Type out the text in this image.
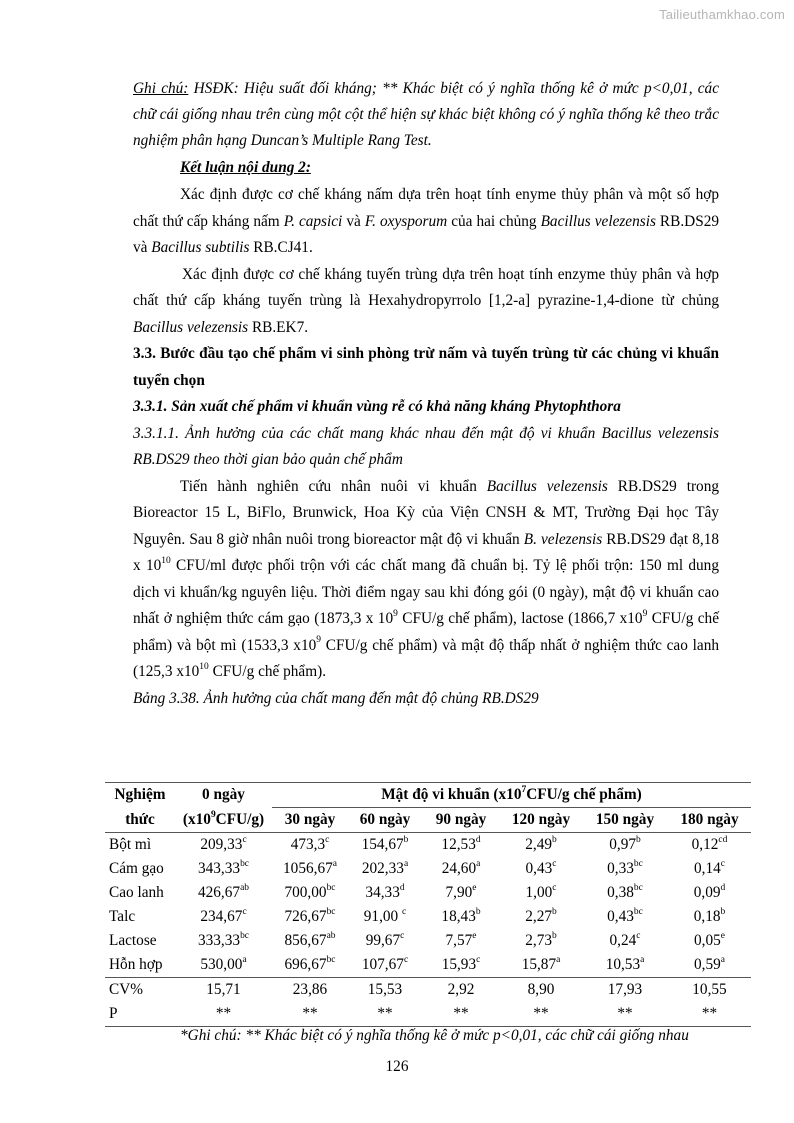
Tailieuthamkhao.com

Ghi chú: HSĐK: Hiệu suất đối kháng; ** Khác biệt có ý nghĩa thống kê ở mức p<0,01, các chữ cái giống nhau trên cùng một cột thể hiện sự khác biệt không có ý nghĩa thống kê theo trắc nghiệm phân hạng Duncan’s Multiple Rang Test.

Kết luận nội dung 2:

Xác định được cơ chế kháng nấm dựa trên hoạt tính enyme thủy phân và một số hợp chất thứ cấp kháng nấm P. capsici và F. oxysporum của hai chủng Bacillus velezensis RB.DS29 và Bacillus subtilis RB.CJ41.

Xác định được cơ chế kháng tuyến trùng dựa trên hoạt tính enzyme thủy phân và hợp chất thứ cấp kháng tuyến trùng là Hexahydropyrrolo [1,2-a] pyrazine-1,4-dione từ chủng Bacillus velezensis RB.EK7.

3.3. Bước đầu tạo chế phẩm vi sinh phòng trừ nấm và tuyến trùng từ các chủng vi khuẩn tuyển chọn

3.3.1. Sản xuất chế phẩm vi khuẩn vùng rễ có khả năng kháng Phytophthora

3.3.1.1. Ảnh hưởng của các chất mang khác nhau đến mật độ vi khuẩn Bacillus velezensis RB.DS29 theo thời gian bảo quản chế phẩm

Tiến hành nghiên cứu nhân nuôi vi khuẩn Bacillus velezensis RB.DS29 trong Bioreactor 15 L, BiFlo, Brunwick, Hoa Kỳ của Viện CNSH & MT, Trường Đại học Tây Nguyên. Sau 8 giờ nhân nuôi trong bioreactor mật độ vi khuẩn B. velezensis RB.DS29 đạt 8,18 x $10^{10}$ CFU/ml được phối trộn với các chất mang đã chuẩn bị. Tỷ lệ phối trộn: 150 ml dung dịch vi khuẩn/kg nguyên liệu. Thời điểm ngay sau khi đóng gói (0 ngày), mật độ vi khuẩn cao nhất ở nghiệm thức cám gạo (1873,3 x $10^9$ CFU/g chế phẩm), lactose (1866,7 $x10^9$ CFU/g chế phẩm) và bột mì (1533,3 $x10^9$ CFU/g chế phẩm) và mật độ thấp nhất ở nghiệm thức cao lanh (125,3 $x10^{10}$ CFU/g chế phẩm).

Bảng 3.38. Ảnh hưởng của chất mang đến mật độ chủng RB.DS29

Nghiệm	0 ngày	Mật độ vi khuẩn ($x10^7CFU/g$ chế phẩm)					
thức	$(x10^9CFU/g)$	30 ngày	60 ngày	90 ngày	120 ngày	150 ngày	180 ngày
Bột mì	209,33$^c$	473,3$^c$	154,67$^b$	12,53$^d$	2,49$^b$	0,97$^b$	0,12$^{cd}$
Cám gạo	343,33$^{bc}$	1056,67$^a$	202,33$^a$	24,60$^a$	0,43$^c$	0,33$^{bc}$	0,14$^c$
Cao lanh	426,67$^{ab}$	700,00$^{bc}$	34,33$^d$	7,90e	1,00$^c$	0,38$^{bc}$	0,09$^d$
Talc	234,67$^c$	726,67$^{bc}$	91,00 $^c$	18,43$^b$	2,27$^b$	0,43$^{bc}$	0,18$^b$
Lactose	333,33$^{bc}$	856,67$^{ab}$	99,67$^c$	7,57e	2,73$^b$	0,24$^c$	0,05e
Hỗn hợp	530,00$^a$	696,67$^{bc}$	107,67$^c$	15,93$^c$	15,87$^a$	10,53$^a$	0,59$^a$
CV%	15,71	23,86	15,53	2,92	8,90	17,93	10,55
P	**	**	**	**	**	**	**
*Ghi chú: ** Khác biệt có ý nghĩa thống kê ở mức p<0,01, các chữ cái giống nhau
126
